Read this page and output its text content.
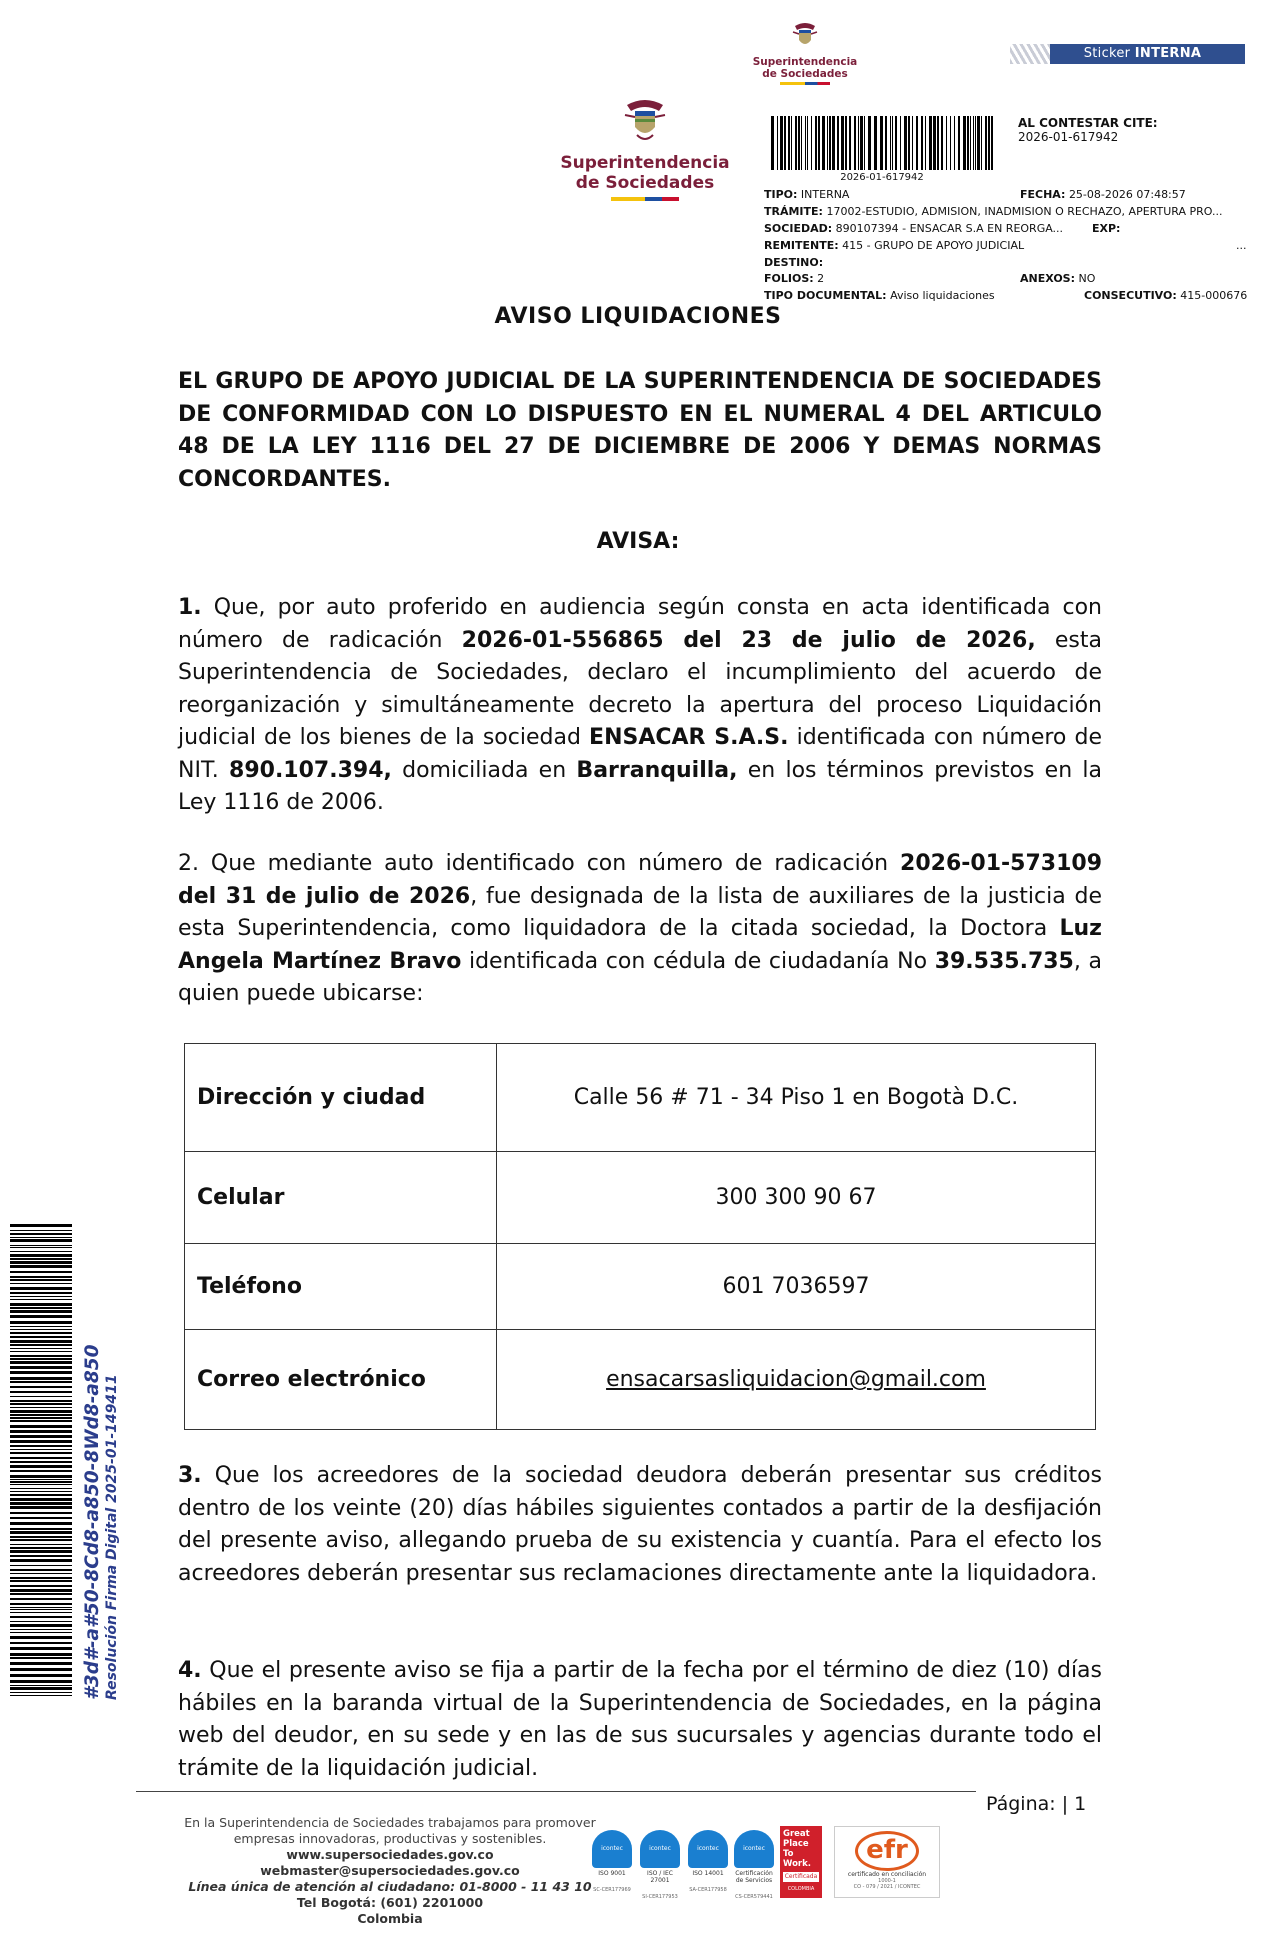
Sticker INTERNA
Superintendencia
de Sociedades
Superintendencia
de Sociedades	2026-01-617942
AL CONTESTAR CITE:
2026-01-617942
TIPO: INTERNA	FECHA: 25-08-2026 07:48:57
TRÁMITE: 17002-ESTUDIO, ADMISION, INADMISION O RECHAZO, APERTURA PRO...
SOCIEDAD: 890107394 - ENSACAR S.A EN REORGA...	EXP:
REMITENTE: 415 - GRUPO DE APOYO JUDICIAL	...
DESTINO:
FOLIOS: 2	ANEXOS: NO
TIPO DOCUMENTAL: Aviso liquidaciones	CONSECUTIVO: 415-000676
AVISO LIQUIDACIONES
EL GRUPO DE APOYO JUDICIAL DE LA SUPERINTENDENCIA DE SOCIEDADES DE CONFORMIDAD CON LO DISPUESTO EN EL NUMERAL 4 DEL ARTICULO 48 DE LA LEY 1116 DEL 27 DE DICIEMBRE DE 2006 Y DEMAS NORMAS CONCORDANTES.
AVISA:
1. Que, por auto proferido en audiencia según consta en acta identificada con número de radicación 2026-01-556865 del 23 de julio de 2026, esta Superintendencia de Sociedades, declaro el incumplimiento del acuerdo de reorganización y simultáneamente decreto la apertura del proceso Liquidación judicial de los bienes de la sociedad ENSACAR S.A.S. identificada con número de NIT. 890.107.394, domiciliada en Barranquilla, en los términos previstos en la Ley 1116 de 2006.
2. Que mediante auto identificado con número de radicación 2026-01-573109 del 31 de julio de 2026, fue designada de la lista de auxiliares de la justicia de esta Superintendencia, como liquidadora de la citada sociedad, la Doctora Luz Angela Martínez Bravo identificada con cédula de ciudadanía No 39.535.735, a quien puede ubicarse:
Dirección y ciudad	Calle 56 # 71 - 34 Piso 1 en Bogotà D.C.
Celular	300 300 90 67
Teléfono	601 7036597
Correo electrónico	ensacarsasliquidacion@gmail.com
3. Que los acreedores de la sociedad deudora deberán presentar sus créditos dentro de los veinte (20) días hábiles siguientes contados a partir de la desfijación del presente aviso, allegando prueba de su existencia y cuantía. Para el efecto los acreedores deberán presentar sus reclamaciones directamente ante la liquidadora.
4. Que el presente aviso se fija a partir de la fecha por el término de diez (10) días hábiles en la baranda virtual de la Superintendencia de Sociedades, en la página web del deudor, en su sede y en las de sus sucursales y agencias durante todo el trámite de la liquidación judicial.
Página: | 1
En la Superintendencia de Sociedades trabajamos para promover
empresas innovadoras, productivas y sostenibles.
www.supersociedades.gov.co
webmaster@supersociedades.gov.co
Línea única de atención al ciudadano: 01-8000 - 11 43 10
Tel Bogotá: (601) 2201000
Colombia
icontec
ISO 9001
SC-CER177969
icontec
ISO / IEC 27001
SI-CER177953
icontec
ISO 14001
SA-CER177958
icontec
Certificación de Servicios
CS-CER579441
Great
Place
To
Work.
Certificada
COLOMBIA
efr
certificado en conciliación
1000-1
CO - 079 / 2021 / ICONTEC
#3d#-a#50-8Cd8-a850-8Wd8-a850 Resolución Firma Digital 2025-01-149411
